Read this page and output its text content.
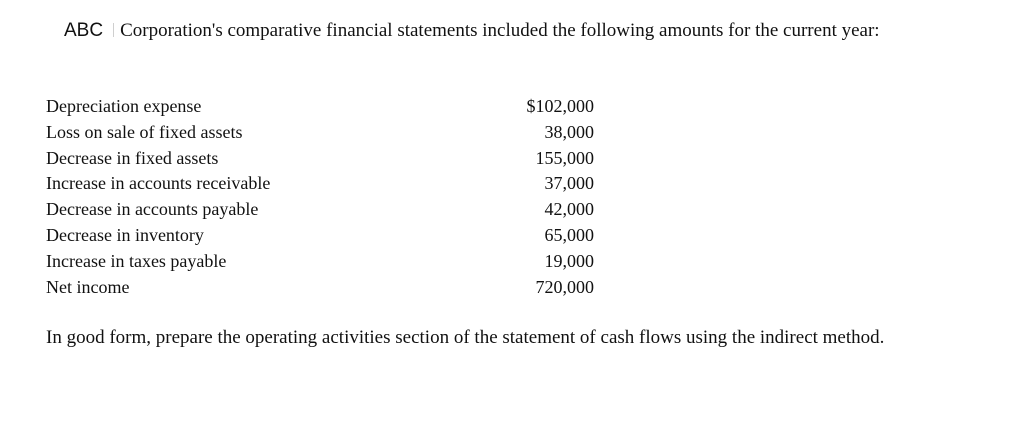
ABC Corporation's comparative financial statements included the following amounts for the current year:
Depreciation expense	$102,000
Loss on sale of fixed assets	38,000
Decrease in fixed assets	155,000
Increase in accounts receivable	37,000
Decrease in accounts payable	42,000
Decrease in inventory	65,000
Increase in taxes payable	19,000
Net income	720,000
In good form, prepare the operating activities section of the statement of cash flows using the indirect method.
